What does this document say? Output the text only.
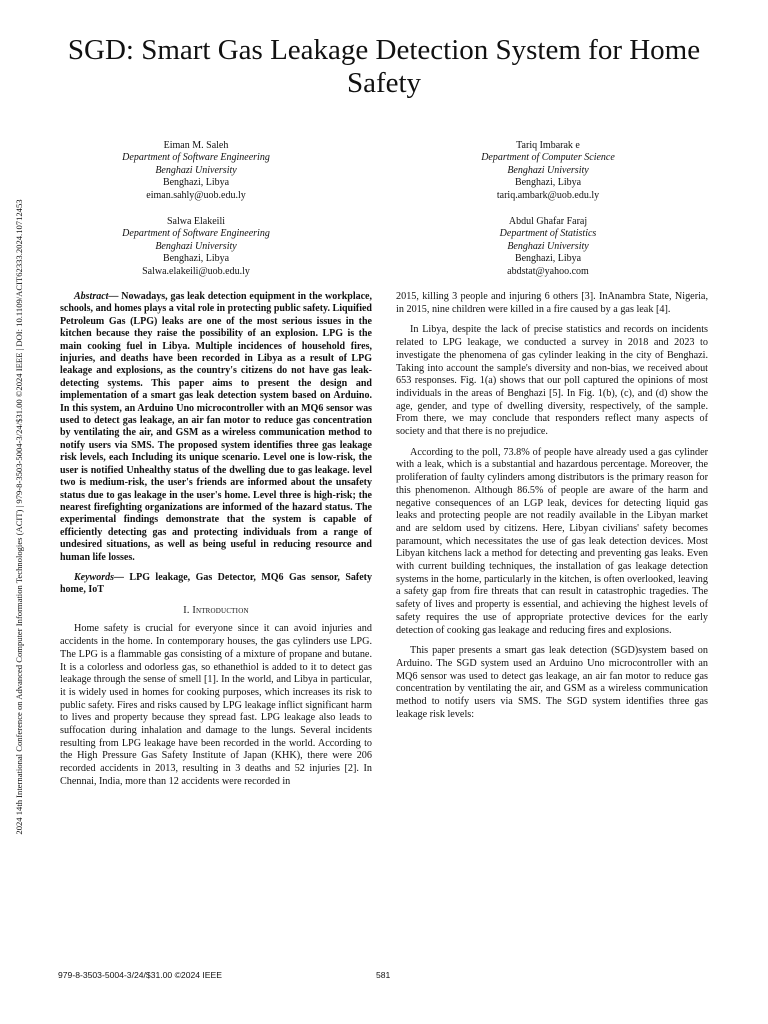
SGD: Smart Gas Leakage Detection System for Home Safety
2024 14th International Conference on Advanced Computer Information Technologies (ACIT) | 979-8-3503-5004-3/24/$31.00 ©2024 IEEE | DOI: 10.1109/ACIT62333.2024.10712453
Eiman M. Saleh
Department of Software Engineering
Benghazi University
Benghazi, Libya
eiman.sahly@uob.edu.ly
Tariq Imbarak e
Department of Computer Science
Benghazi University
Benghazi, Libya
tariq.ambark@uob.edu.ly
Salwa Elakeili
Department of Software Engineering
Benghazi University
Benghazi, Libya
Salwa.elakeili@uob.edu.ly
Abdul Ghafar Faraj
Department of Statistics
Benghazi University
Benghazi, Libya
abdstat@yahoo.com

Abstract— Nowadays, gas leak detection equipment in the workplace, schools, and homes plays a vital role in protecting public safety. Liquified Petroleum Gas (LPG) leaks are one of the most serious issues in the kitchen because they raise the possibility of an explosion. LPG is the main cooking fuel in Libya. Multiple incidences of household fires, injuries, and deaths have been recorded in Libya as a result of LPG leakage and explosions, as the country's citizens do not have gas leak-detecting systems. This paper aims to present the design and implementation of a smart gas leak detection system based on Arduino. In this system, an Arduino Uno microcontroller with an MQ6 sensor was used to detect gas leakage, an air fan motor to reduce gas concentration by ventilating the air, and GSM as a wireless communication method to notify users via SMS. The proposed system identifies three gas leakage risk levels, each Including its unique scenario. Level one is low-risk, the user is notified Unhealthy status of the dwelling due to gas leakage. level two is medium-risk, the user's friends are informed about the unsafety status due to gas leakage in the user's home. Level three is high-risk; the nearest firefighting organizations are informed of the hazard status. The experimental findings demonstrate that the system is capable of efficiently detecting gas and protecting individuals from a range of undesired situations, as well as being useful in reducing resource and human life losses.

Keywords— LPG leakage, Gas Detector, MQ6 Gas sensor, Safety home, IoT

I. Introduction

Home safety is crucial for everyone since it can avoid injuries and accidents in the home. In contemporary houses, the gas cylinders use LPG. The LPG is a flammable gas consisting of a mixture of propane and butane. It is a colorless and odorless gas, so ethanethiol is added to it to detect gas leakage through the sense of smell [1]. In the world, and Libya in particular, it is widely used in homes for cooking purposes, which increases its risk to public safety. Fires and risks caused by LPG leakage inflict significant harm to lives and property because they spread fast. LPG leakage also leads to suffocation during inhalation and damage to the lungs. Several incidents resulting from LPG leakage have been recorded in the world. According to the High Pressure Gas Safety Institute of Japan (KHK), there were 206 recorded accidents in 2013, resulting in 3 deaths and 52 injuries [2]. In Chennai, India, more than 12 accidents were recorded in

2015, killing 3 people and injuring 6 others [3]. InAnambra State, Nigeria, in 2015, nine children were killed in a fire caused by a gas leak [4].

In Libya, despite the lack of precise statistics and records on incidents related to LPG leakage, we conducted a survey in 2018 and 2023 to investigate the phenomena of gas cylinder leaking in the city of Benghazi. Taking into account the sample's diversity and non-bias, we received about 653 responses. Fig. 1(a) shows that our poll captured the opinions of most individuals in the areas of Benghazi [5]. In Fig. 1(b), (c), and (d) show the age, gender, and type of dwelling diversity, respectively, of the sample. From there, we may conclude that responders reflect many aspects of society and that there is no prejudice.

According to the poll, 73.8% of people have already used a gas cylinder with a leak, which is a substantial and hazardous percentage. Moreover, the proliferation of faulty cylinders among distributors is the primary reason for this phenomenon. Although 86.5% of people are aware of the harm and negative consequences of an LGP leak, devices for detecting liquid gas leaks and protecting people are not readily available in the Libyan market and are seldom used by citizens. Here, Libyan civilians' safety becomes paramount, which necessitates the use of gas leak detection devices. Most Libyan kitchens lack a method for detecting and preventing gas leaks. Even with current building techniques, the installation of gas leakage detection systems in the home, particularly in the kitchen, is often overlooked, leaving a safety gap from fire threats that can result in catastrophic tragedies. The safety of lives and property is essential, and achieving the highest levels of safety requires the use of appropriate protective devices for the early detection of cooking gas leakage and reducing fires and explosions.

This paper presents a smart gas leak detection (SGD)system based on Arduino. The SGD system used an Arduino Uno microcontroller with an MQ6 sensor was used to detect gas leakage, an air fan motor to reduce gas concentration by ventilating the air, and GSM as a wireless communication method to notify users via SMS. The SGD system identifies three gas leakage risk levels:

979-8-3503-5004-3/24/$31.00 ©2024 IEEE	581
